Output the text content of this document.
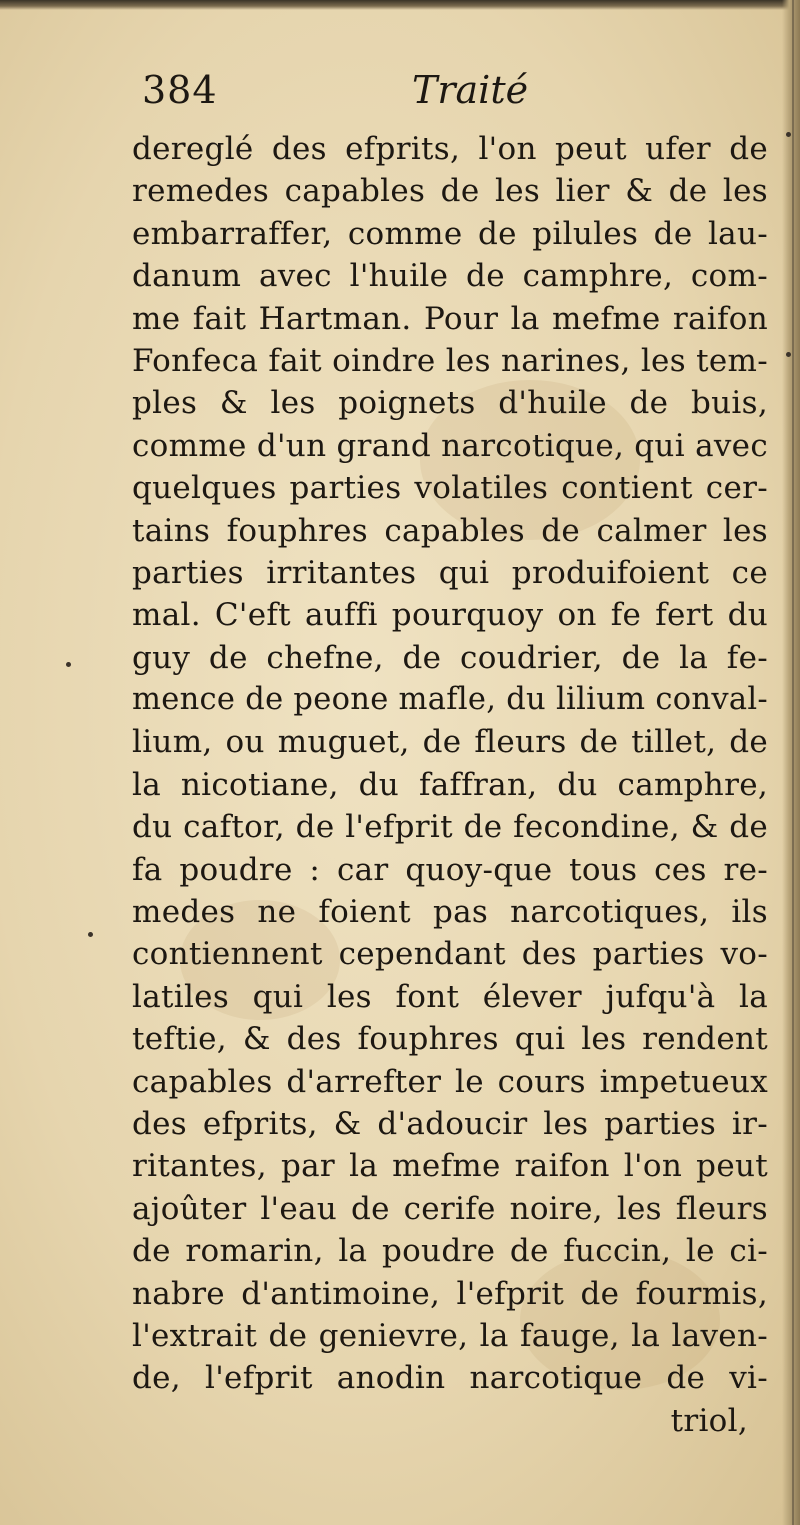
384	Traité
dereglé des efprits, l'on peut ufer de
remedes capables de les lier & de les
embarraffer, comme de pilules de lau-
danum avec l'huile de camphre, com-
me fait Hartman. Pour la mefme raifon
Fonfeca fait oindre les narines, les tem-
ples & les poignets d'huile de buis,
comme d'un grand narcotique, qui avec
quelques parties volatiles contient cer-
tains fouphres capables de calmer les
parties irritantes qui produifoient ce
mal. C'eft auffi pourquoy on fe fert du
guy de chefne, de coudrier, de la fe-
mence de peone mafle, du lilium conval-
lium, ou muguet, de fleurs de tillet, de
la nicotiane, du faffran, du camphre,
du caftor, de l'efprit de fecondine, & de
fa poudre : car quoy-que tous ces re-
medes ne foient pas narcotiques, ils
contiennent cependant des parties vo-
latiles qui les font élever jufqu'à la
teftie, & des fouphres qui les rendent
capables d'arrefter le cours impetueux
des efprits, & d'adoucir les parties ir-
ritantes, par la mefme raifon l'on peut
ajoûter l'eau de cerife noire, les fleurs
de romarin, la poudre de fuccin, le ci-
nabre d'antimoine, l'efprit de fourmis,
l'extrait de genievre, la fauge, la laven-
de, l'efprit anodin narcotique de vi-
triol,
